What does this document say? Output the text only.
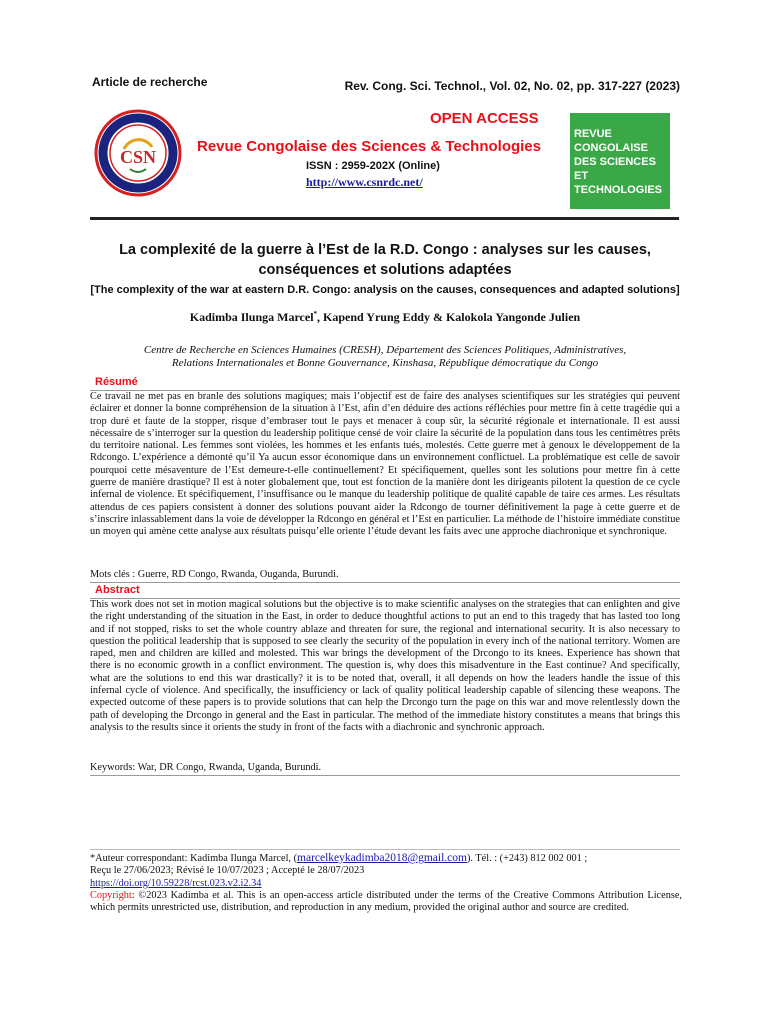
Article de recherche	Rev. Cong. Sci. Technol., Vol. 02, No. 02, pp. 317-227 (2023)
CSN
OPEN ACCESS
Revue Congolaise des Sciences & Technologies
ISSN : 2959-202X (Online)
http://www.csnrdc.net/
REVUE
CONGOLAISE
DES SCIENCES
ET TECHNOLOGIES
La complexité de la guerre à l’Est de la R.D. Congo : analyses sur les causes,
conséquences et solutions adaptées
[The complexity of the war at eastern D.R. Congo: analysis on the causes, consequences and adapted solutions]
Kadimba Ilunga Marcel*, Kapend Yrung Eddy & Kalokola Yangonde Julien
Centre de Recherche en Sciences Humaines (CRESH), Département des Sciences Politiques, Administratives,
Relations Internationales et Bonne Gouvernance, Kinshasa, République démocratique du Congo
Résumé
Ce travail ne met pas en branle des solutions magiques; mais l’objectif est de faire des analyses scientifiques sur les stratégies qui peuvent éclairer et donner la bonne compréhension de la situation à l’Est, afin d’en déduire des actions réfléchies pour mettre fin à cette tragédie qui a trop duré et faute de la stopper, risque d’embraser tout le pays et menacer à coup sûr, la sécurité régionale et internationale. Il est aussi nécessaire de s’interroger sur la question du leadership politique censé de voir claire la sécurité de la population dans tous les centimètres prêts du territoire national. Les femmes sont violées, les hommes et les enfants tués, molestés. Cette guerre met à genoux le développement de la Rdcongo. L’expérience a démonté qu’il Ya aucun essor économique dans un environnement conflictuel. La problématique est celle de savoir pourquoi cette mésaventure de l’Est demeure-t-elle continuellement? Et spécifiquement, quelles sont les solutions pour mettre fin à cette guerre de manière drastique? Il est à noter globalement que, tout est fonction de la manière dont les dirigeants pilotent la question de ce cycle infernal de violence. Et spécifiquement, l’insuffisance ou le manque du leadership politique de qualité capable de taire ces armes. Les résultats attendus de ces papiers consistent à donner des solutions pouvant aider la Rdcongo de tourner définitivement la page à cette guerre et de s’inscrire inlassablement dans la voie de développer la Rdcongo en général et l’Est en particulier. La méthode de l’histoire immédiate constitue un moyen qui amène cette analyse aux résultats puisqu’elle oriente l’étude devant les faits avec une approche diachronique et synchronique.
Mots clés : Guerre, RD Congo, Rwanda, Ouganda, Burundi.
Abstract
This work does not set in motion magical solutions but the objective is to make scientific analyses on the strategies that can enlighten and give the right understanding of the situation in the East, in order to deduce thoughtful actions to put an end to this tragedy that has lasted too long and if not stopped, risks to set the whole country ablaze and threaten for sure, the regional and international security. It is also necessary to question the political leadership that is supposed to see clearly the security of the population in every inch of the national territory. Women are raped, men and children are killed and molested. This war brings the development of the Drcongo to its knees. Experience has shown that there is no economic growth in a conflict environment. The question is, why does this misadventure in the East continue? And specifically, what are the solutions to end this war drastically? it is to be noted that, overall, it all depends on how the leaders handle the issue of this infernal cycle of violence. And specifically, the insufficiency or lack of quality political leadership capable of silencing these weapons. The expected outcome of these papers is to provide solutions that can help the Drcongo turn the page on this war and move relentlessly down the path of developing the Drcongo in general and the East in particular. The method of the immediate history constitutes a means that brings this analysis to the results since it orients the study in front of the facts with a diachronic and synchronic approach.
Keywords: War, DR Congo, Rwanda, Uganda, Burundi.
*Auteur correspondant: Kadimba Ilunga Marcel, (marcelkeykadimba2018@gmail.com). Tél. : (+243) 812 002 001 ;
Reçu le 27/06/2023; Révisé le 10/07/2023 ; Accepté le 28/07/2023
https://doi.org/10.59228/rcst.023.v2.i2.34
Copyright: ©2023 Kadimba et al. This is an open-access article distributed under the terms of the Creative Commons Attribution License, which permits unrestricted use, distribution, and reproduction in any medium, provided the original author and source are credited.
